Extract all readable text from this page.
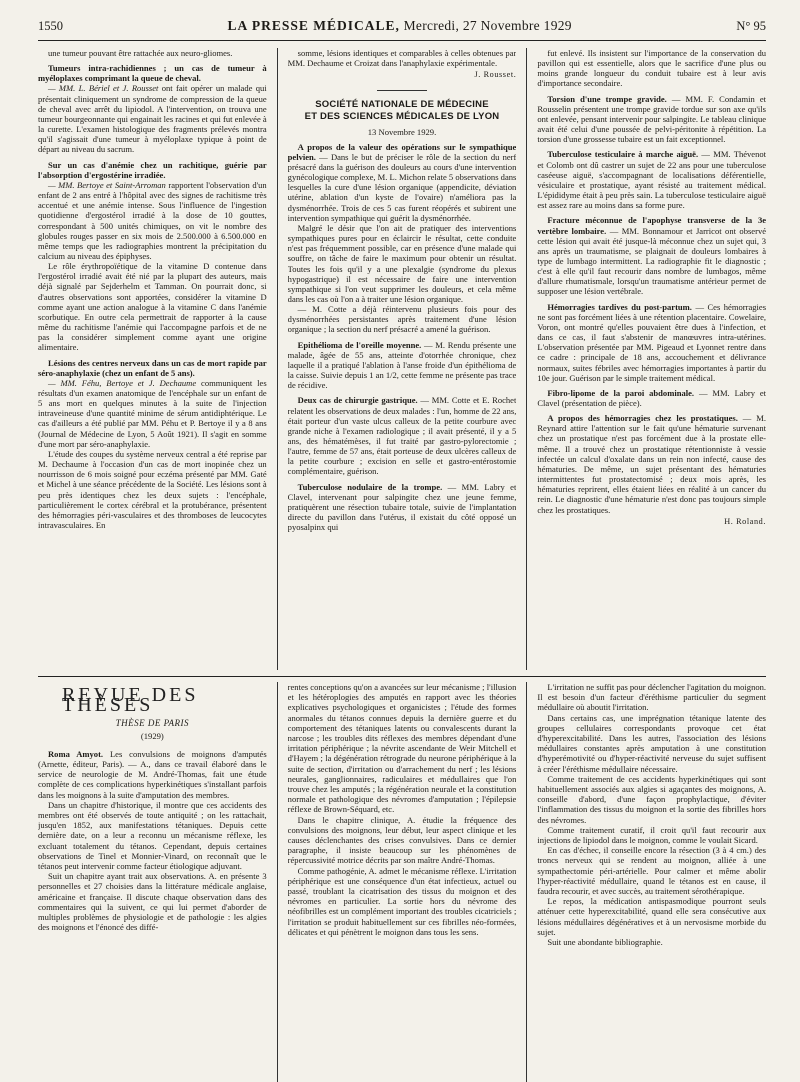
1550	LA PRESSE MÉDICALE, Mercredi, 27 Novembre 1929	N° 95

une tumeur pouvant être rattachée aux neuro-gliomes.

Tumeurs intra-rachidiennes ; un cas de tumeur à myéloplaxes comprimant la queue de cheval.

— MM. L. Bériel et J. Rousset ont fait opérer un malade qui présentait cliniquement un syndrome de compression de la queue de cheval avec arrêt du lipiodol. A l'intervention, on trouva une tumeur bourgeonnante qui engainait les racines et qui fut enlevée à la curette. L'examen histologique des fragments prélevés montra qu'il s'agissait d'une tumeur à myéloplaxe typique à point de départ au niveau du sacrum.

Sur un cas d'anémie chez un rachitique, guérie par l'absorption d'ergostérine irradiée.

— MM. Bertoye et Saint-Arroman rapportent l'observation d'un enfant de 2 ans entré à l'hôpital avec des signes de rachitisme très accentué et une anémie intense. Sous l'influence de l'ingestion quotidienne d'ergostérol irradié à la dose de 10 gouttes, correspondant à 500 unités chimiques, on vit le nombre des globules rouges passer en six mois de 2.500.000 à 6.500.000 en même temps que les radiographies montrent la précipitation du calcium au niveau des épiphyses.

Le rôle érythropoïétique de la vitamine D contenue dans l'ergostérol irradié avait été nié par la plupart des auteurs, mais déjà signalé par Sejderhelm et Tamman. On pourrait donc, si d'autres observations sont apportées, considérer la vitamine D comme ayant une action analogue à la vitamine C dans l'anémie scorbutique. En outre cela permettrait de rapporter à la cause même du rachitisme l'anémie qui l'accompagne parfois et de ne pas la considérer simplement comme ayant une origine alimentaire.

Lésions des centres nerveux dans un cas de mort rapide par séro-anaphylaxie (chez un enfant de 5 ans).

— MM. Féhu, Bertoye et J. Dechaume communiquent les résultats d'un examen anatomique de l'encéphale sur un enfant de 5 ans mort en quelques minutes à la suite de l'injection intraveineuse d'une quantité minime de sérum antidiphtérique. Le cas d'ailleurs a été publié par MM. Péhu et P. Bertoye il y a 8 ans (Journal de Médecine de Lyon, 5 Août 1921). Il s'agit en somme d'une mort par séro-anaphylaxie.

L'étude des coupes du système nerveux central a été reprise par M. Dechaume à l'occasion d'un cas de mort inopinée chez un nourrisson de 6 mois soigné pour eczéma présenté par MM. Gaté et Michel à une séance précédente de la Société. Les lésions sont à peu près identiques chez les deux sujets : l'encéphale, particulièrement le cortex cérébral et la protubérance, présentent des hémorragies péri-vasculaires et des thromboses de leucocytes intravasculaires. En

somme, lésions identiques et comparables à celles obtenues par MM. Dechaume et Croizat dans l'anaphylaxie expérimentale.

J. Rousset.
SOCIÉTÉ NATIONALE DE MÉDECINE
ET DES SCIENCES MÉDICALES DE LYON
13 Novembre 1929.

A propos de la valeur des opérations sur le sympathique pelvien. — Dans le but de préciser le rôle de la section du nerf présacré dans la guérison des douleurs au cours d'une intervention gynécologique complexe, M. L. Michon relate 5 observations dans lesquelles la cure d'une lésion organique (appendicite, déviation utérine, ablation d'un kyste de l'ovaire) n'améliora pas la dysménorrhée. Trois de ces 5 cas furent réopérés et subirent une intervention sympathique qui guérit la dysménorrhée.

Malgré le désir que l'on ait de pratiquer des interventions sympathiques pures pour en éclaircir le résultat, cette conduite n'est pas fréquemment possible, car en présence d'une malade qui souffre, on tâche de faire le maximum pour obtenir un résultat. Toutes les fois qu'il y a une plexalgie (syndrome du plexus hypogastrique) il est nécessaire de faire une intervention sympathique si l'on veut supprimer les douleurs, et cela même dans les cas où l'on a à traiter une lésion organique.

— M. Cotte a déjà réintervenu plusieurs fois pour des dysménorrhées persistantes après traitement d'une lésion organique ; la section du nerf présacré a amené la guérison.

Epithélioma de l'oreille moyenne. — M. Rendu présente une malade, âgée de 55 ans, atteinte d'otorrhée chronique, chez laquelle il a pratiqué l'ablation à l'anse froide d'un épithélioma de la caisse. Suivie depuis 1 an 1/2, cette femme ne présente pas trace de récidive.

Deux cas de chirurgie gastrique. — MM. Cotte et E. Rochet relatent les observations de deux malades : l'un, homme de 22 ans, était porteur d'un vaste ulcus calleux de la petite courbure avec grande niche à l'examen radiologique ; il avait présenté, il y a 5 ans, des hématémèses, il fut traité par gastro-pylorectomie ; l'autre, femme de 57 ans, était porteuse de deux ulcères calleux de la petite courbure ; excision en selle et gastro-entérostomie complémentaire, guérison.

Tuberculose nodulaire de la trompe. — MM. Labry et Clavel, intervenant pour salpingite chez une jeune femme, pratiquèrent une résection tubaire totale, suivie de l'implantation directe du pavillon dans l'utérus, il existait du côté opposé un pyosalpinx qui

fut enlevé. Ils insistent sur l'importance de la conservation du pavillon qui est essentielle, alors que le sacrifice d'une plus ou moins grande longueur du conduit tubaire est à leur avis d'importance secondaire.

Torsion d'une trompe gravide. — MM. F. Condamin et Rousselin présentent une trompe gravide tordue sur son axe qu'ils ont enlevée, pensant intervenir pour salpingite. Le tableau clinique avait été celui d'une poussée de pelvi-péritonite à répétition. La torsion d'une grossesse tubaire est un fait exceptionnel.

Tuberculose testiculaire à marche aiguë. — MM. Thévenot et Colomb ont dû castrer un sujet de 22 ans pour une tuberculose caséeuse aiguë, s'accompagnant de localisations déférentielle, vésiculaire et prostatique, ayant résisté au traitement médical. L'épididyme était à peu près sain. La tuberculose testiculaire aiguë est assez rare au moins dans sa forme pure.

Fracture méconnue de l'apophyse transverse de la 3e vertèbre lombaire. — MM. Bonnamour et Jarricot ont observé cette lésion qui avait été jusque-là méconnue chez un sujet qui, 3 ans après un traumatisme, se plaignait de douleurs lombaires à type de lumbago intermittent. La radiographie fit le diagnostic ; c'est à elle qu'il faut recourir dans nombre de lumbagos, même d'allure rhumatismale, lorsqu'un traumatisme antérieur permet de supposer une lésion vertébrale.

Hémorragies tardives du post-partum. — Ces hémorragies ne sont pas forcément liées à une rétention placentaire. Cowelaire, Voron, ont montré qu'elles pouvaient être dues à l'infection, et dans ce cas, il faut s'abstenir de manœuvres intra-utérines. L'observation présentée par MM. Pigeaud et Lyonnet rentre dans ce cadre : principale de 18 ans, accouchement et délivrance normaux, suites fébriles avec hémorragies importantes à partir du 10e jour. Guérison par le simple traitement médical.

Fibro-lipome de la paroi abdominale. — MM. Labry et Clavel (présentation de pièce).

A propos des hémorragies chez les prostatiques. — M. Reynard attire l'attention sur le fait qu'une hématurie survenant chez un prostatique n'est pas forcément due à la prostate elle-même. Il a trouvé chez un prostatique rétentionniste à vessie infectée un calcul d'oxalate dans un rein non infecté, cause des hématuries. De même, un sujet présentant des hématuries intermittentes fut prostatectomisé ; deux mois après, les hématuries reprirent, elles étaient liées en réalité à un cancer du rein. Le diagnostic d'une hématurie n'est donc pas toujours simple chez les prostatiques.

H. Roland.
REVUE DES THÈSES
THÈSE DE PARIS
(1929)

Roma Amyot. Les convulsions de moignons d'amputés (Arnette, éditeur, Paris). — A., dans ce travail élaboré dans le service de neurologie de M. André-Thomas, fait une étude complète de ces complications hyperkinétiques s'installant parfois dans les moignons à la suite d'amputation des membres.

Dans un chapitre d'historique, il montre que ces accidents des membres ont été observés de toute antiquité ; on les rattachait, jusqu'en 1852, aux manifestations tétaniques. Depuis cette dernière date, on a leur a reconnu un mécanisme réflexe, les excluant totalement du tétanos. Cependant, depuis certaines observations de Tinel et Monnier-Vinard, on reconnaît que le tétanos peut intervenir comme facteur étiologique adjuvant.

Suit un chapitre ayant trait aux observations. A. en présente 3 personnelles et 27 choisies dans la littérature médicale anglaise, américaine et française. Il discute chaque observation dans des commentaires qui la suivent, ce qui lui permet d'aborder de multiples problèmes de physiologie et de pathologie : les algies des moignons et l'énoncé des diffé-

rentes conceptions qu'on a avancées sur leur mécanisme ; l'illusion et les hétéroplogies des amputés en rapport avec les théories explicatives psychologiques et organicistes ; l'étude des formes anormales du tétanos connues depuis la dernière guerre et du comportement des tétaniques latents ou convalescents durant la narcose ; les troubles dits réflexes des membres dépendant d'une irritation périphérique ; la névrite ascendante de Weir Mitchell et d'Hayem ; la dégénération rétrograde du neurone périphérique à la suite de section, d'irritation ou d'arrachement du nerf ; les lésions neurales, ganglionnaires, radiculaires et médullaires que l'on trouve chez les amputés ; la régénération neurale et la constitution normale et pathologique des névromes d'amputation ; l'épilepsie réflexe de Brown-Séquard, etc.

Dans le chapitre clinique, A. étudie la fréquence des convulsions des moignons, leur début, leur aspect clinique et les causes déclenchantes des crises convulsives. Dans ce dernier paragraphe, il insiste beaucoup sur les phénomènes de répercussivité motrice décrits par son maître André-Thomas.

Comme pathogénie, A. admet le mécanisme réflexe. L'irritation périphérique est une conséquence d'un état infectieux, actuel ou passé, troublant la cicatrisation des tissus du moignon et des névromes en particulier. La sortie hors du névrome des néofibrilles est un complément important des troubles cicatriciels ; l'irritation se produit habituellement sur ces fibrilles néo-formées, délicates et qui pénètrent le moignon dans tous les sens.

L'irritation ne suffit pas pour déclencher l'agitation du moignon. Il est besoin d'un facteur d'éréthisme particulier du segment médullaire où aboutit l'irritation.

Dans certains cas, une imprégnation tétanique latente des groupes cellulaires correspondants provoque cet état d'hyperexcitabilité. Dans les autres, l'association des lésions médullaires constantes après amputation à une constitution d'hyperémotivité ou d'hyper-réactivité nerveuse du sujet suffisent à créer l'éréthisme médullaire nécessaire.

Comme traitement de ces accidents hyperkinétiques qui sont habituellement associés aux algies si agaçantes des moignons, A. conseille d'abord, d'une façon prophylactique, d'éviter l'inflammation des tissus du moignon et la sortie des fibrilles hors des névromes.

Comme traitement curatif, il croit qu'il faut recourir aux injections de lipiodol dans le moignon, comme le voulait Sicard.

En cas d'échec, il conseille encore la résection (3 à 4 cm.) des troncs nerveux qui se rendent au moignon, alliée à une sympathectomie péri-artérielle. Pour calmer et même abolir l'hyper-réactivité médullaire, quand le tétanos est en cause, il faudra recourir, et avec succès, au traitement sérothérapique.

Le repos, la médication antispasmodique pourront seuls atténuer cette hyperexcitabilité, quand elle sera consécutive aux lésions médullaires dégénératives et à un nervosisme morbide du sujet.

Suit une abondante bibliographie.
